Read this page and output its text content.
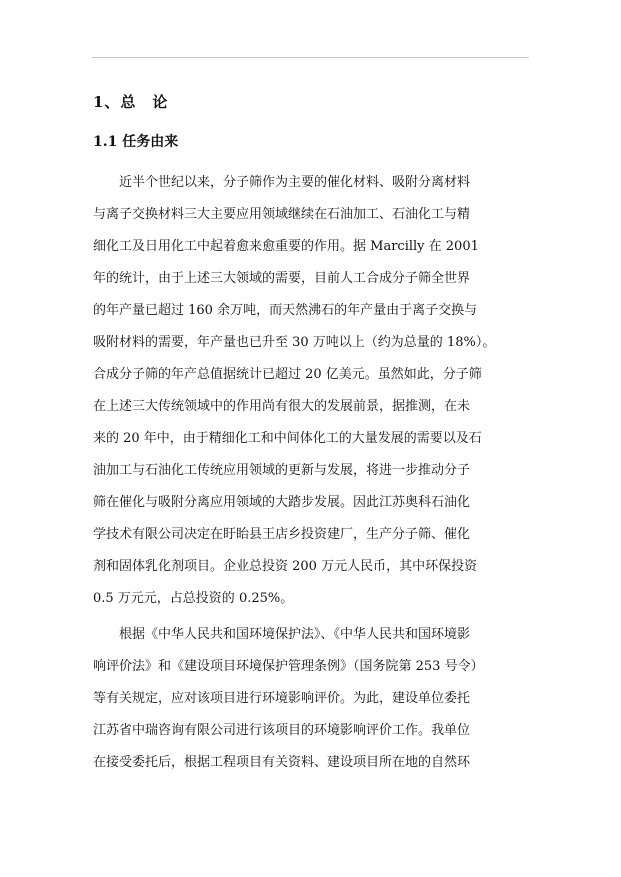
1、总　论
1.1 任务由来
　　近半个世纪以来，分子筛作为主要的催化材料、吸附分离材料
与离子交换材料三大主要应用领域继续在石油加工、石油化工与精
细化工及日用化工中起着愈来愈重要的作用。据 Marcilly 在 2001
年的统计，由于上述三大领域的需要，目前人工合成分子筛全世界
的年产量已超过 160 余万吨，而天然沸石的年产量由于离子交换与
吸附材料的需要，年产量也已升至 30 万吨以上（约为总量的 18%）。
合成分子筛的年产总值据统计已超过 20 亿美元。虽然如此，分子筛
在上述三大传统领域中的作用尚有很大的发展前景，据推测，在未
来的 20 年中，由于精细化工和中间体化工的大量发展的需要以及石
油加工与石油化工传统应用领域的更新与发展，将进一步推动分子
筛在催化与吸附分离应用领域的大踏步发展。因此江苏奥科石油化
学技术有限公司决定在盱眙县王店乡投资建厂，生产分子筛、催化
剂和固体乳化剂项目。企业总投资 200 万元人民币，其中环保投资
0.5 万元元，占总投资的 0.25%。
　　根据《中华人民共和国环境保护法》、《中华人民共和国环境影
响评价法》和《建设项目环境保护管理条例》（国务院第 253 号令）
等有关规定，应对该项目进行环境影响评价。为此，建设单位委托
江苏省中瑞咨询有限公司进行该项目的环境影响评价工作。我单位
在接受委托后，根据工程项目有关资料、建设项目所在地的自然环
